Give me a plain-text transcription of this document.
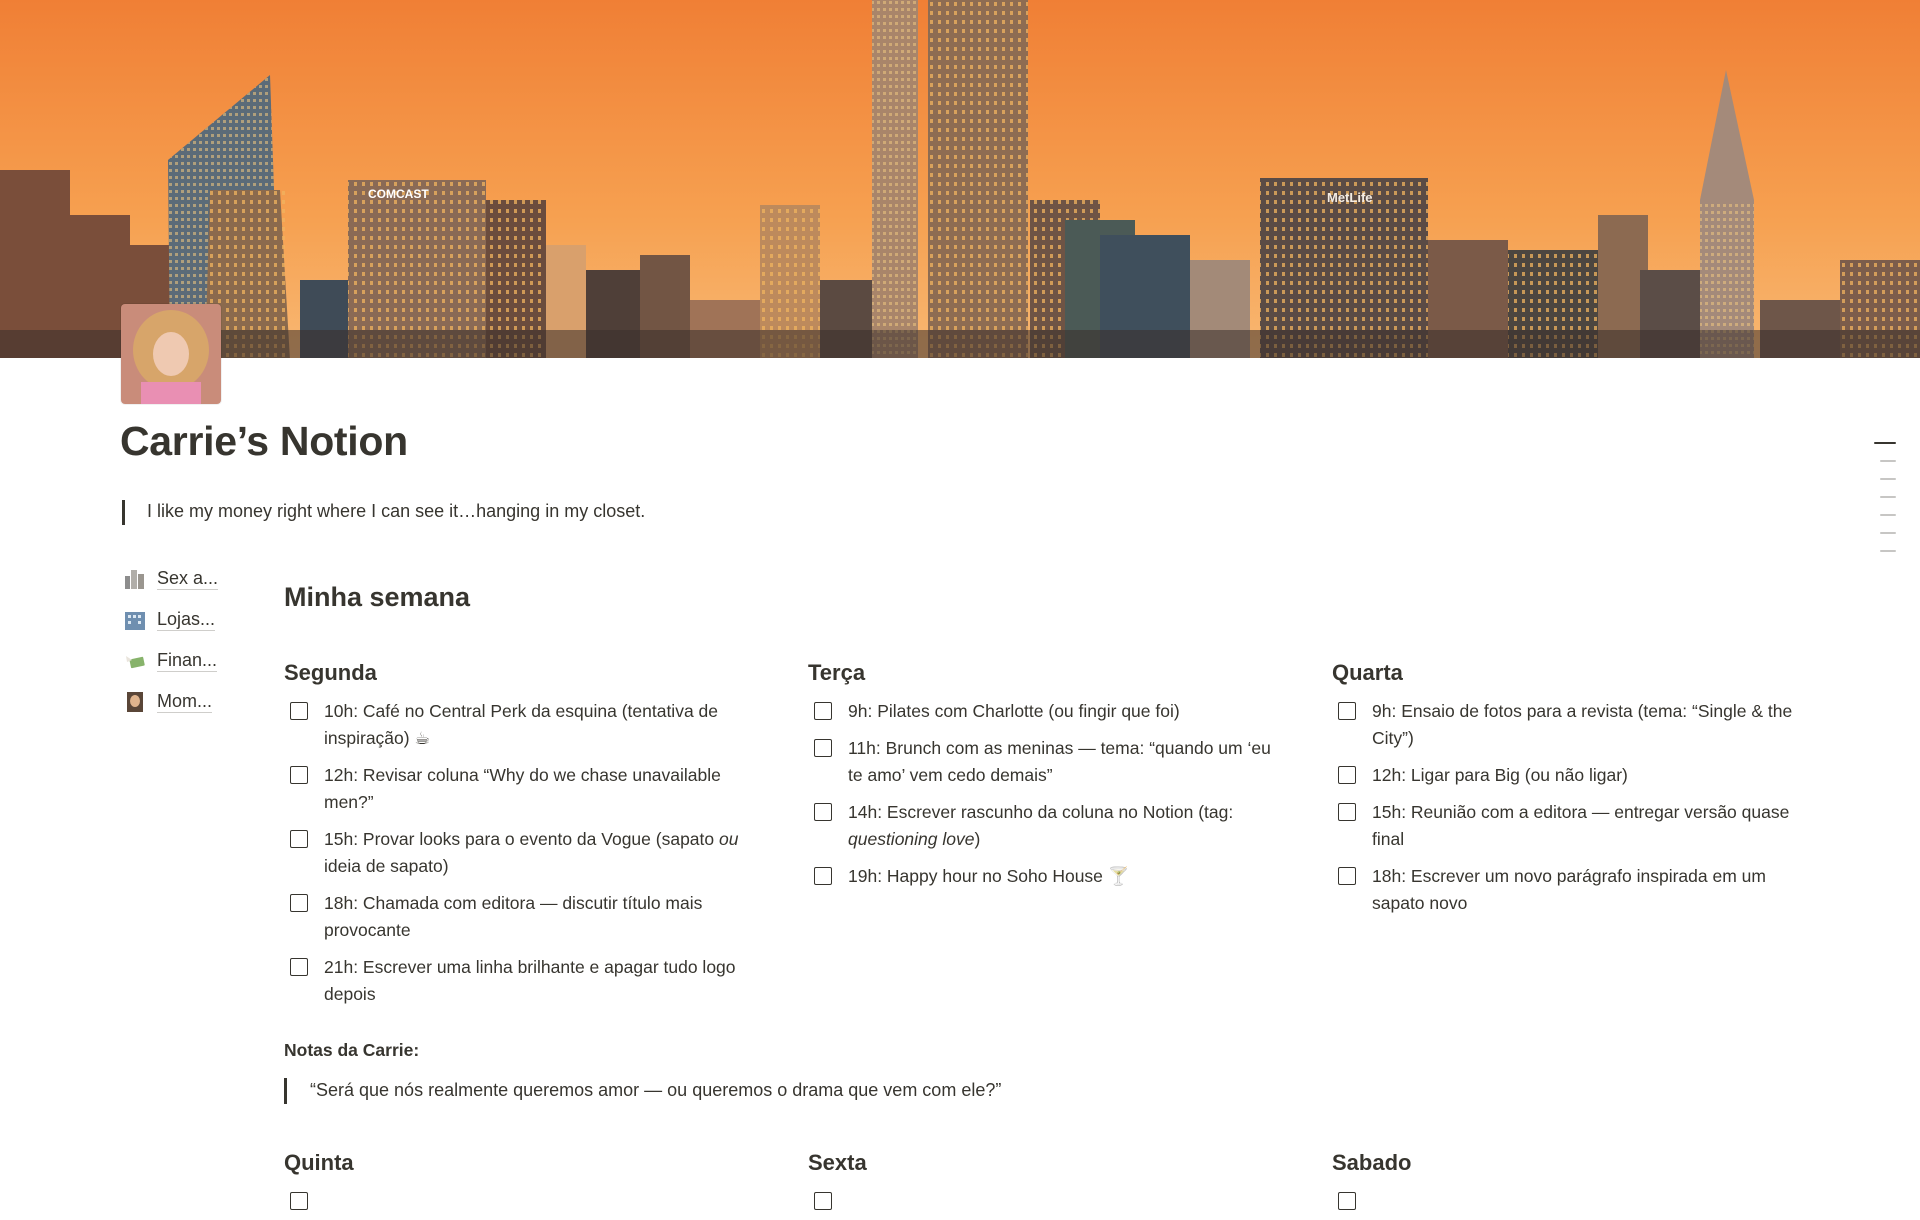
COMCAST	MetLife
Carrie’s Notion
I like my money right where I can see it…hanging in my closet.
Sex a...
Lojas...
Finan...
Mom...
Minha semana
Segunda
10h: Café no Central Perk da esquina (tentativa de inspiração) ☕
12h: Revisar coluna “Why do we chase unavailable men?”
15h: Provar looks para o evento da Vogue (sapato ou ideia de sapato)
18h: Chamada com editora — discutir título mais provocante
21h: Escrever uma linha brilhante e apagar tudo logo depois
Terça
9h: Pilates com Charlotte (ou fingir que foi)
11h: Brunch com as meninas — tema: “quando um ‘eu te amo’ vem cedo demais”
14h: Escrever rascunho da coluna no Notion (tag: questioning love)
19h: Happy hour no Soho House 🍸
Quarta
9h: Ensaio de fotos para a revista (tema: “Single & the City”)
12h: Ligar para Big (ou não ligar)
15h: Reunião com a editora — entregar versão quase final
18h: Escrever um novo parágrafo inspirada em um sapato novo
Notas da Carrie:
“Será que nós realmente queremos amor — ou queremos o drama que vem com ele?”
Quinta	Sexta	Sabado
